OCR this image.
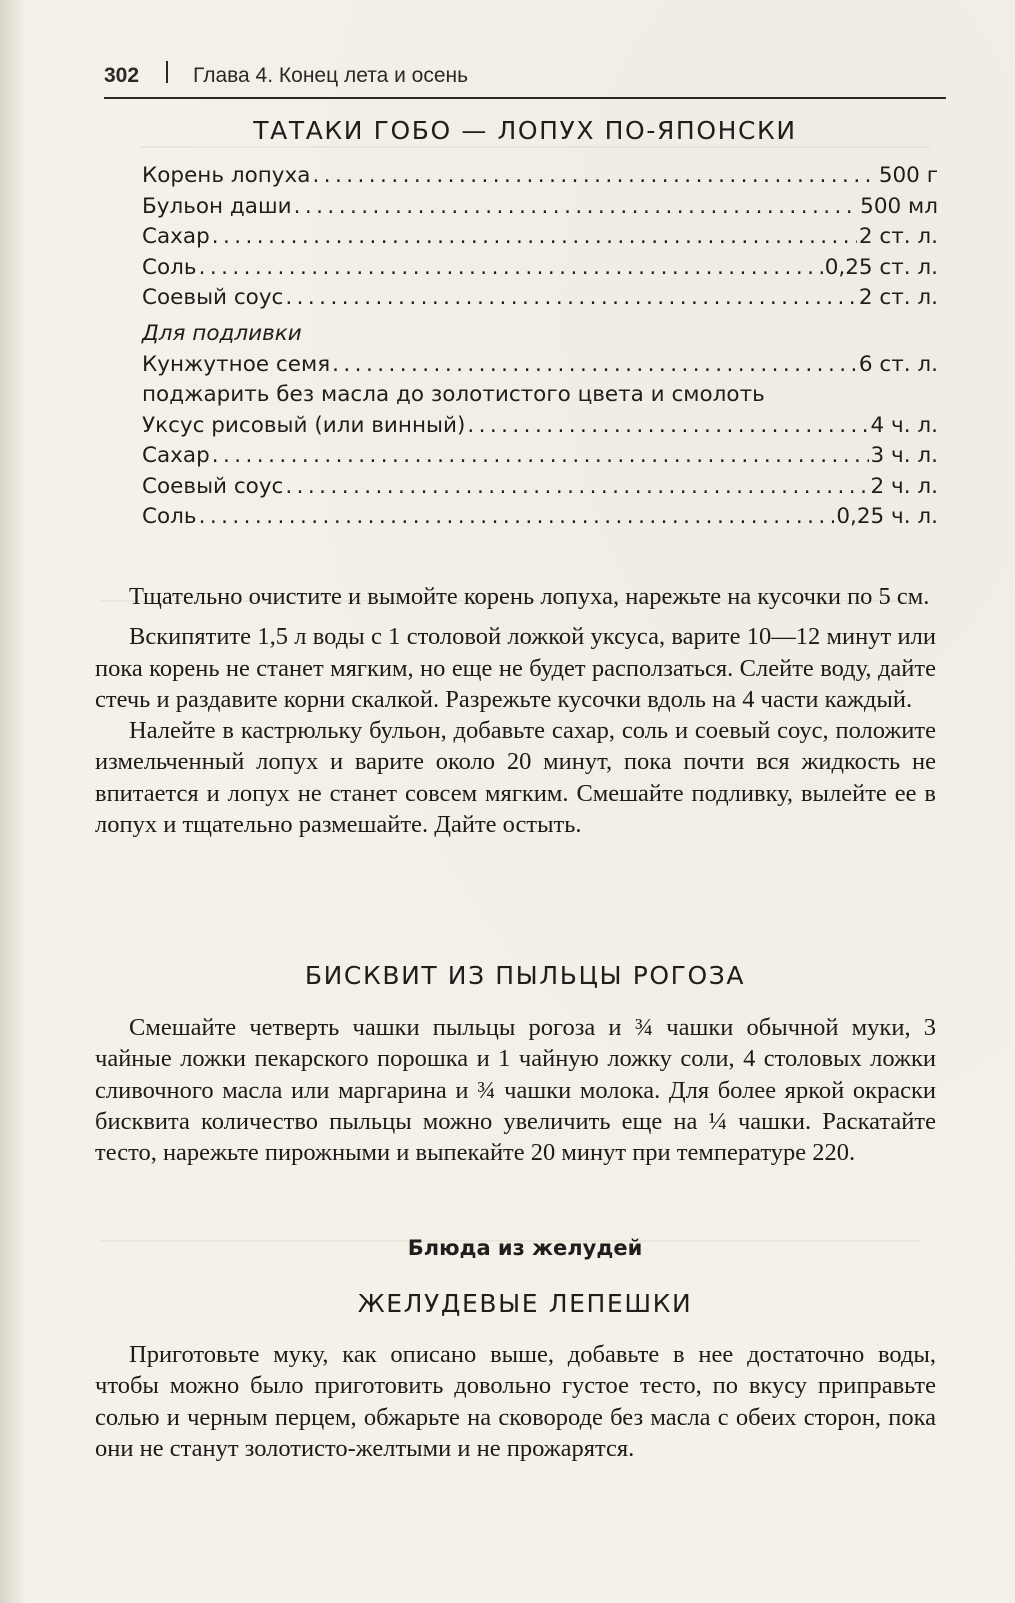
302	Глава 4. Конец лета и осень
ТАТАКИ ГОБО — ЛОПУХ ПО-ЯПОНСКИ
Корень лопуха . . .	500 г
Бульон даши . . .	500 мл
Сахар . . .	2 ст. л.
Соль . . .	0,25 ст. л.
Соевый соус . . .	2 ст. л.
Для подливки
Кунжутное семя . . .	6 ст. л.
поджарить без масла до золотистого цвета и смолоть
Уксус рисовый (или винный) . . .	4 ч. л.
Сахар . . .	3 ч. л.
Соевый соус . . .	2 ч. л.
Соль . . .	0,25 ч. л.

Тщательно очистите и вымойте корень лопуха, нарежьте на кусочки по 5 см.

Вскипятите 1,5 л воды с 1 столовой ложкой уксуса, варите 10—12 минут или пока корень не станет мягким, но еще не будет расползаться. Слейте воду, дайте стечь и раздавите корни скалкой. Разрежьте кусочки вдоль на 4 части каждый.

Налейте в кастрюльку бульон, добавьте сахар, соль и соевый соус, положите измельченный лопух и варите около 20 минут, пока почти вся жидкость не впитается и лопух не станет совсем мягким. Смешайте подливку, вылейте ее в лопух и тщательно размешайте. Дайте остыть.

БИСКВИТ ИЗ ПЫЛЬЦЫ РОГОЗА

Смешайте четверть чашки пыльцы рогоза и ¾ чашки обычной муки, 3 чайные ложки пекарского порошка и 1 чайную ложку соли, 4 столовых ложки сливочного масла или маргарина и ¾ чашки молока. Для более яркой окраски бисквита количество пыльцы можно увеличить еще на ¼ чашки. Раскатайте тесто, нарежьте пирожными и выпекайте 20 минут при температуре 220.

Блюда из желудей
ЖЕЛУДЕВЫЕ ЛЕПЕШКИ

Приготовьте муку, как описано выше, добавьте в нее достаточно воды, чтобы можно было приготовить довольно густое тесто, по вкусу приправьте солью и черным перцем, обжарьте на сковороде без масла с обеих сторон, пока они не станут золотисто-желтыми и не прожарятся.
